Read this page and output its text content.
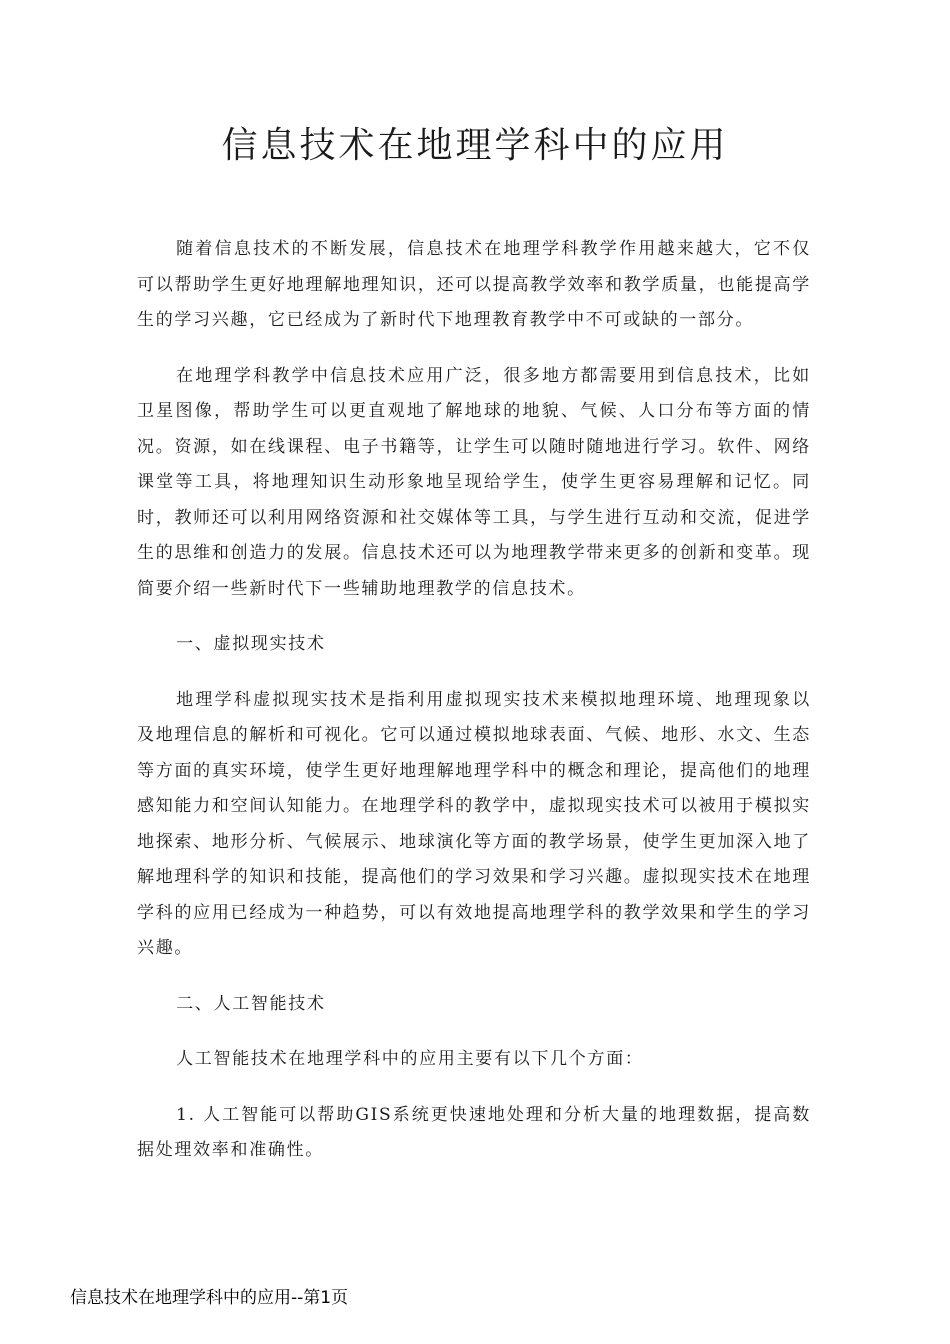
信息技术在地理学科中的应用

随着信息技术的不断发展，信息技术在地理学科教学作用越来越大，它不仅可以帮助学生更好地理解地理知识，还可以提高教学效率和教学质量，也能提高学生的学习兴趣，它已经成为了新时代下地理教育教学中不可或缺的一部分。

在地理学科教学中信息技术应用广泛，很多地方都需要用到信息技术，比如卫星图像，帮助学生可以更直观地了解地球的地貌、气候、人口分布等方面的情况。资源，如在线课程、电子书籍等，让学生可以随时随地进行学习。软件、网络课堂等工具，将地理知识生动形象地呈现给学生，使学生更容易理解和记忆。同时，教师还可以利用网络资源和社交媒体等工具，与学生进行互动和交流，促进学生的思维和创造力的发展。信息技术还可以为地理教学带来更多的创新和变革。现简要介绍一些新时代下一些辅助地理教学的信息技术。

一、虚拟现实技术

地理学科虚拟现实技术是指利用虚拟现实技术来模拟地理环境、地理现象以及地理信息的解析和可视化。它可以通过模拟地球表面、气候、地形、水文、生态等方面的真实环境，使学生更好地理解地理学科中的概念和理论，提高他们的地理感知能力和空间认知能力。在地理学科的教学中，虚拟现实技术可以被用于模拟实地探索、地形分析、气候展示、地球演化等方面的教学场景，使学生更加深入地了解地理科学的知识和技能，提高他们的学习效果和学习兴趣。虚拟现实技术在地理学科的应用已经成为一种趋势，可以有效地提高地理学科的教学效果和学生的学习兴趣。

二、人工智能技术

人工智能技术在地理学科中的应用主要有以下几个方面：

1. 人工智能可以帮助GIS系统更快速地处理和分析大量的地理数据，提高数据处理效率和准确性。

信息技术在地理学科中的应用--第1页
